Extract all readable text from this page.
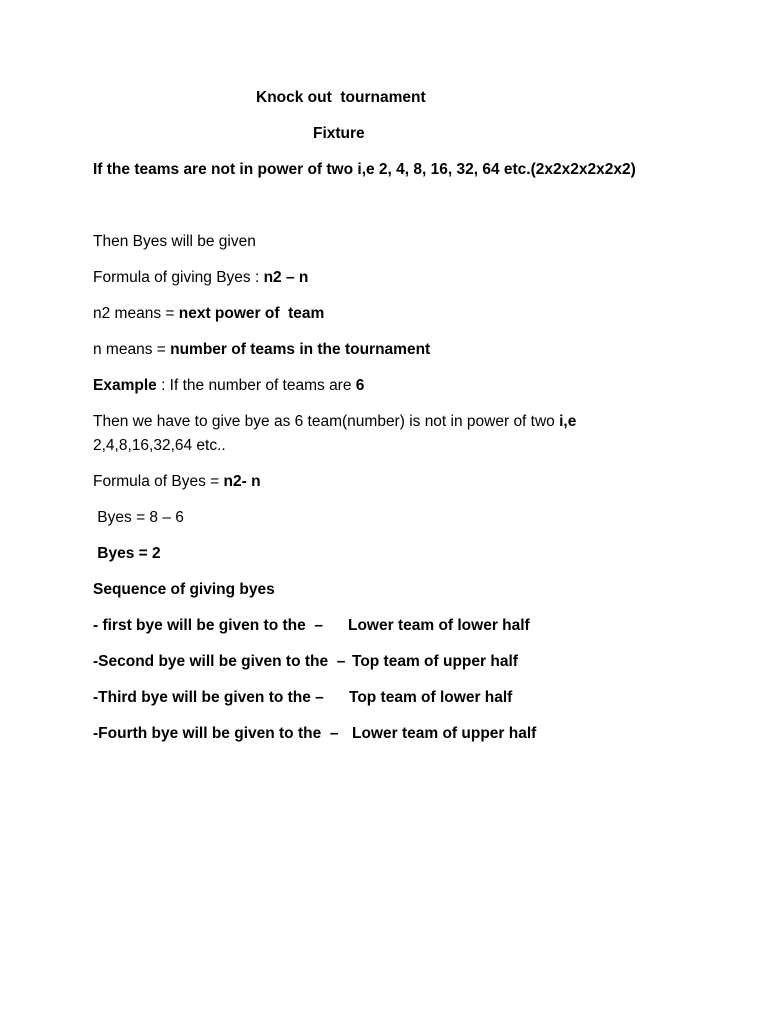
Knock out  tournament
Fixture
If the teams are not in power of two i,e 2, 4, 8, 16, 32, 64 etc.(2x2x2x2x2x2)
Then Byes will be given
Formula of giving Byes : n2 – n
n2 means = next power of  team
n means = number of teams in the tournament
Example : If the number of teams are 6
Then we have to give bye as 6 team(number) is not in power of two i,e
2,4,8,16,32,64 etc..
Formula of Byes = n2- n
Byes = 8 – 6
Byes = 2
Sequence of giving byes
- first bye will be given to the  – Lower team of lower half
-Second bye will be given to the  – Top team of upper half
-Third bye will be given to the – Top team of lower half
-Fourth bye will be given to the  – Lower team of upper half
